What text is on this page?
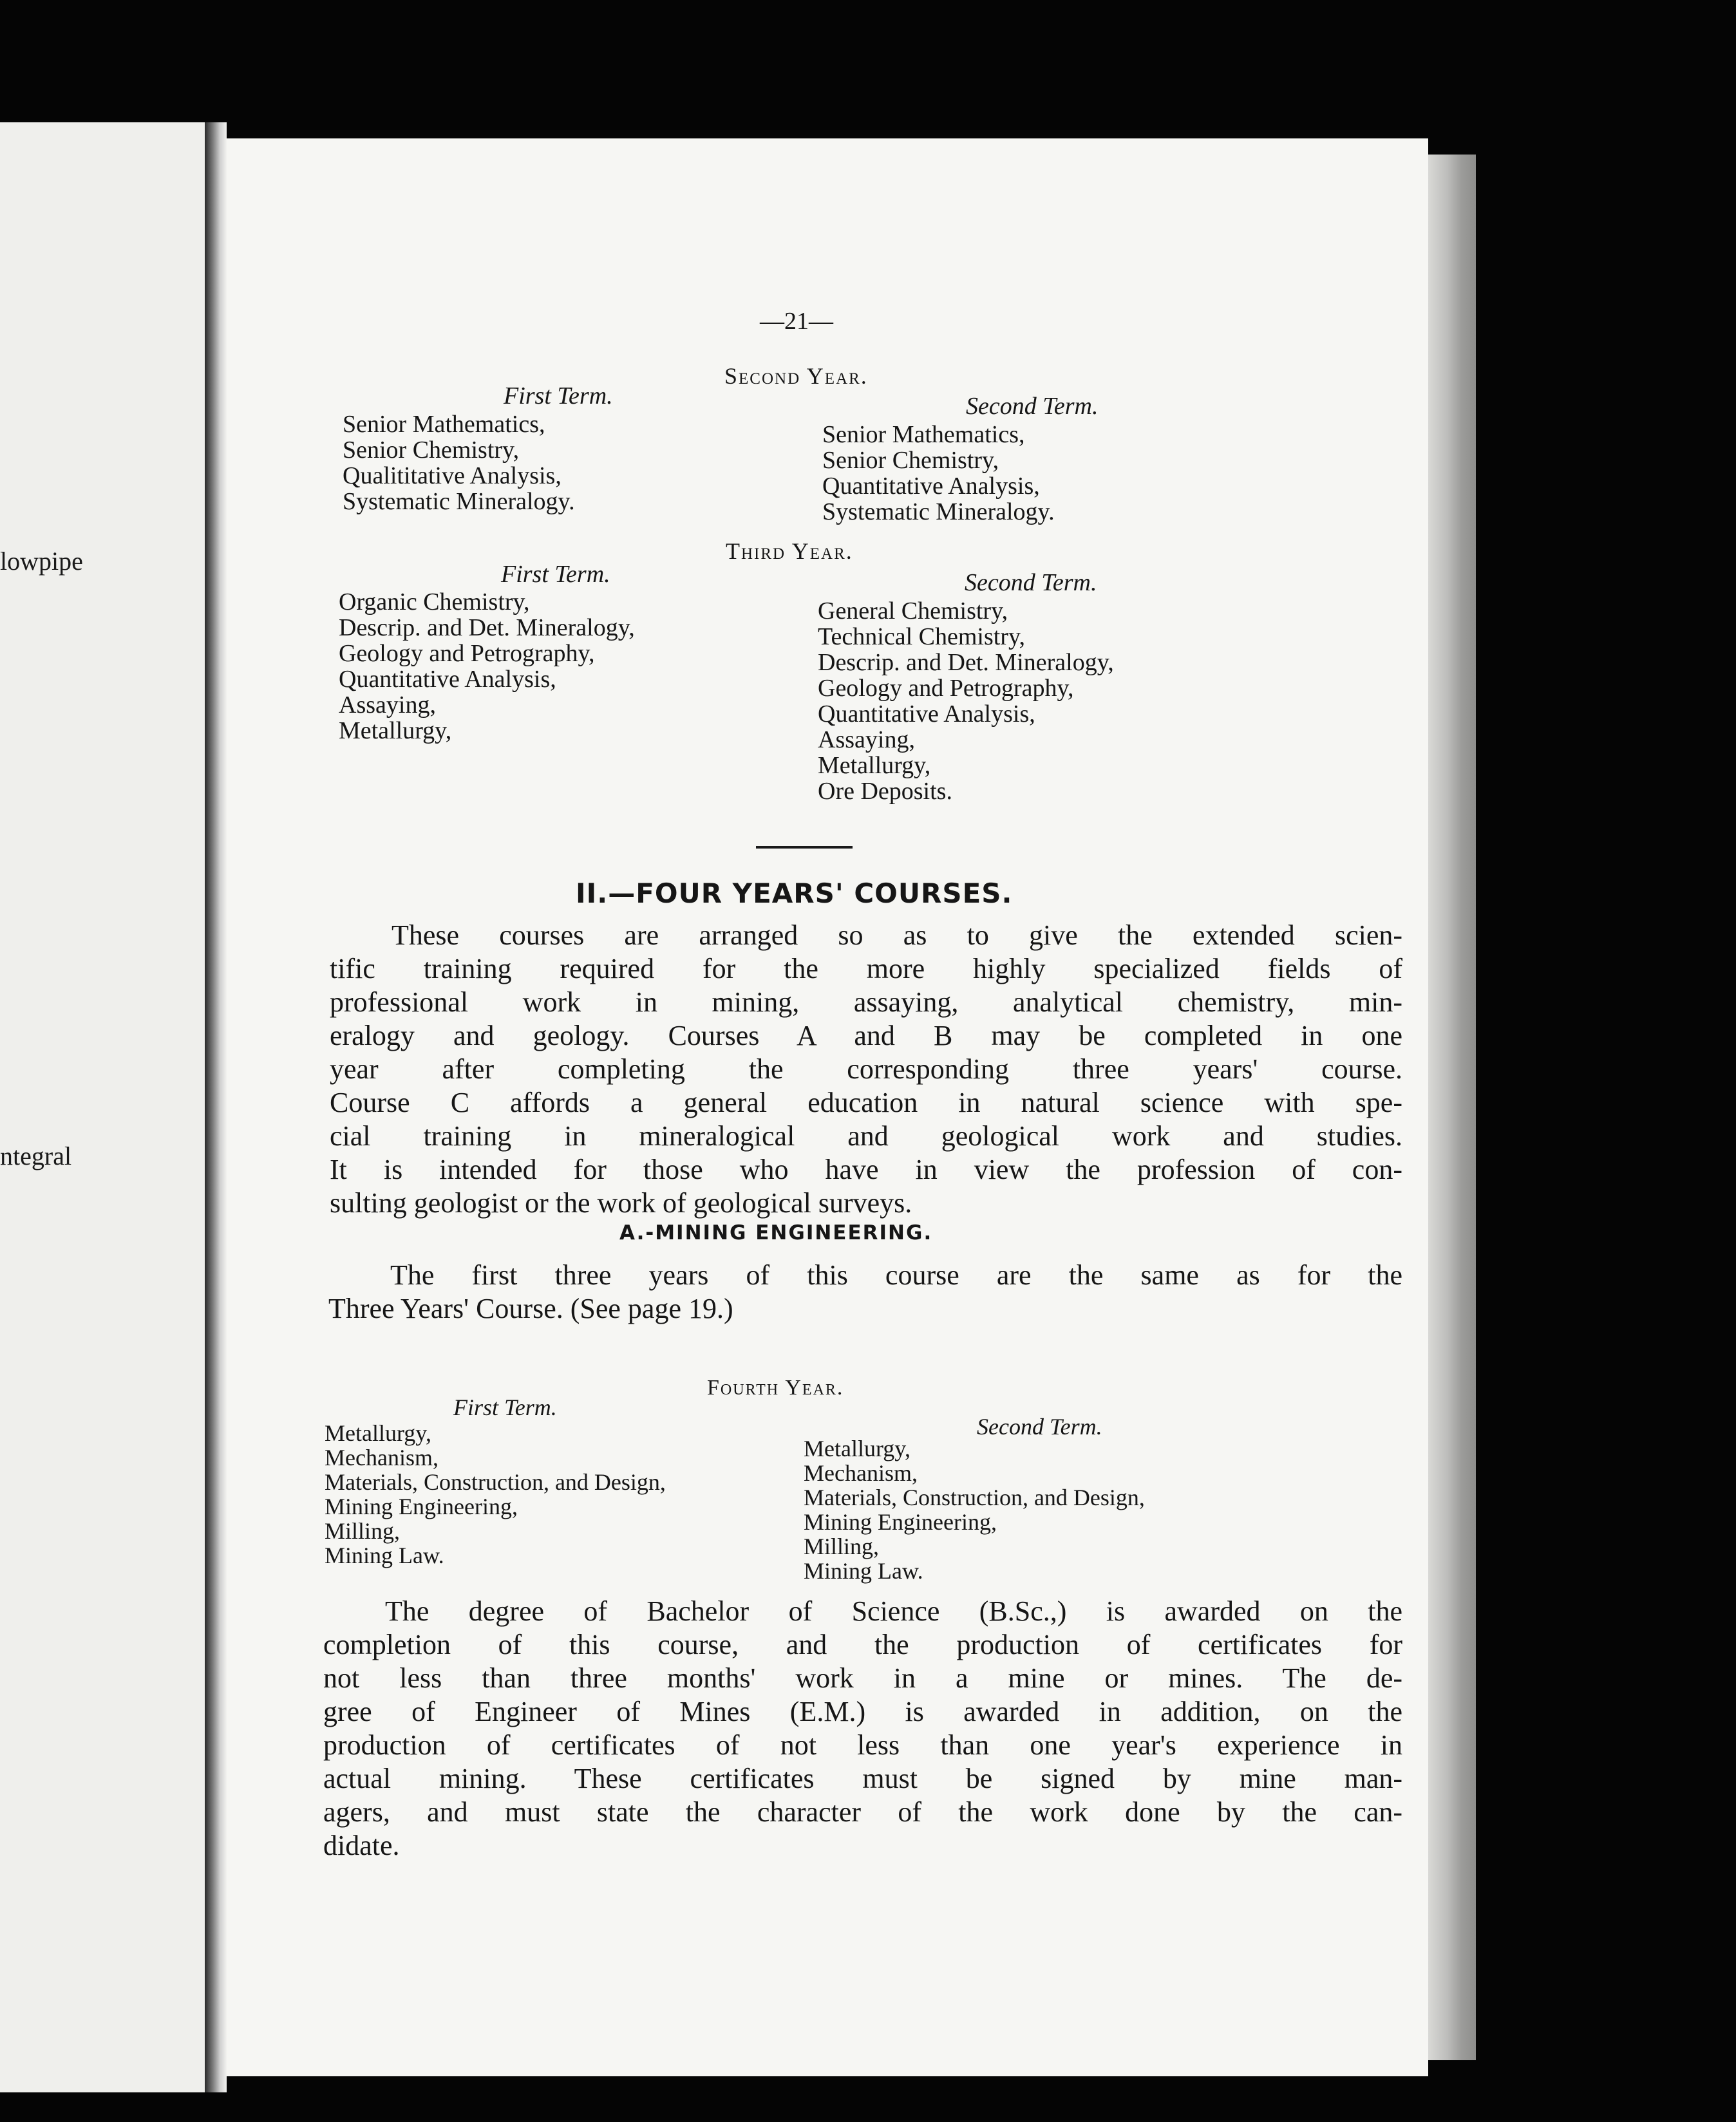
lowpipe
ntegral
—21—
Second Year.
First Term.
Senior Mathematics,
Senior Chemistry,
Qualititative Analysis,
Systematic Mineralogy.
Second Term.
Senior Mathematics,
Senior Chemistry,
Quantitative Analysis,
Systematic Mineralogy.
Third Year.
First Term.
Organic Chemistry,
Descrip. and Det. Mineralogy,
Geology and Petrography,
Quantitative Analysis,
Assaying,
Metallurgy,
Second Term.
General Chemistry,
Technical Chemistry,
Descrip. and Det. Mineralogy,
Geology and Petrography,
Quantitative Analysis,
Assaying,
Metallurgy,
Ore Deposits.
II.—FOUR YEARS' COURSES.
These courses are arranged so as to give the extended scien-
tific training required for the more highly specialized fields of
professional work in mining, assaying, analytical chemistry, min-
eralogy and geology. Courses A and B may be completed in one
year after completing the corresponding three years' course.
Course C affords a general education in natural science with spe-
cial training in mineralogical and geological work and studies.
It is intended for those who have in view the profession of con-
sulting geologist or the work of geological surveys.
A.-MINING ENGINEERING.
The first three years of this course are the same as for the
Three Years' Course. (See page 19.)
Fourth Year.
First Term.
Metallurgy,
Mechanism,
Materials, Construction, and Design,
Mining Engineering,
Milling,
Mining Law.
Second Term.
Metallurgy,
Mechanism,
Materials, Construction, and Design,
Mining Engineering,
Milling,
Mining Law.
The degree of Bachelor of Science (B.Sc.,) is awarded on the
completion of this course, and the production of certificates for
not less than three months' work in a mine or mines. The de-
gree of Engineer of Mines (E.M.) is awarded in addition, on the
production of certificates of not less than one year's experience in
actual mining. These certificates must be signed by mine man-
agers, and must state the character of the work done by the can-
didate.
